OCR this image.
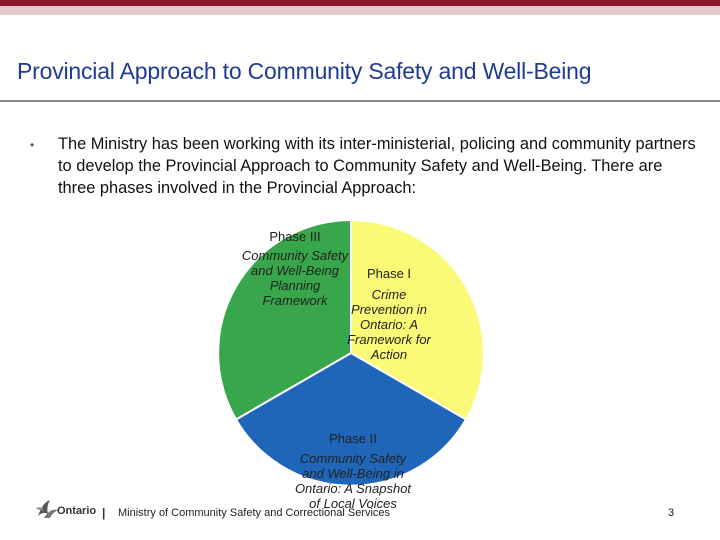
Provincial Approach to Community Safety and Well-Being
• The Ministry has been working with its inter-ministerial, policing and community partners to develop the Provincial Approach to Community Safety and Well-Being. There are three phases involved in the Provincial Approach:
Phase III
Community Safety and Well-Being Planning Framework
Phase I
Crime Prevention in Ontario: A Framework for Action
Phase II
Community Safety and Well-Being in Ontario: A Snapshot of Local Voices
Ontario | Ministry of Community Safety and Correctional Services	3
